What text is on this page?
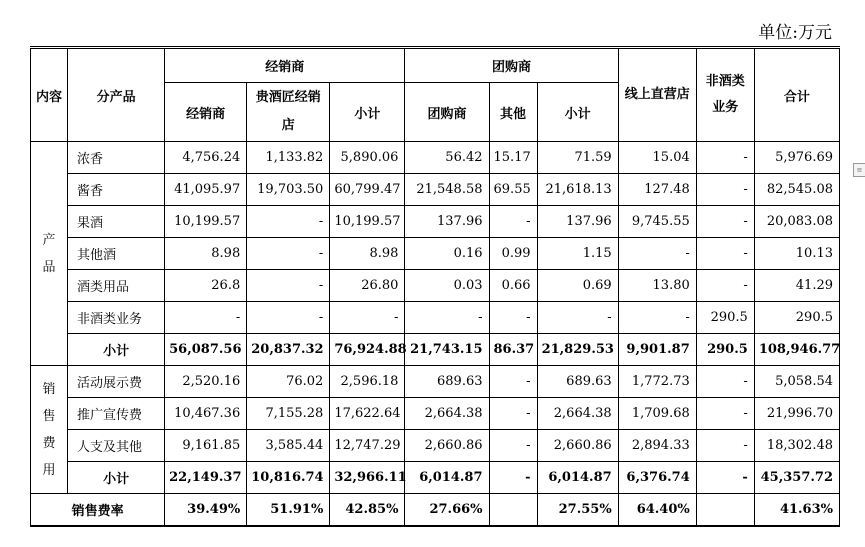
单位:万元
≡
内容	分产品	经销商			团购商			线上直营店	非酒类业务	合计
		经销商	贵酒匠经销店	小计	团购商	其他	小计			

产
品	浓香	4,756.24	1,133.82	5,890.06	56.42	15.17	71.59	15.04	-	5,976.69
	酱香	41,095.97	19,703.50	60,799.47	21,548.58	69.55	21,618.13	127.48	-	82,545.08
	果酒	10,199.57	-	10,199.57	137.96	-	137.96	9,745.55	-	20,083.08
	其他酒	8.98	-	8.98	0.16	0.99	1.15	-	-	10.13
	酒类用品	26.8	-	26.80	0.03	0.66	0.69	13.80	-	41.29
	非酒类业务	-	-	-	-	-	-	-	290.5	290.5
	小计	56,087.56	20,837.32	76,924.88	21,743.15	86.37	21,829.53	9,901.87	290.5	108,946.77

销
售
费
用	活动展示费	2,520.16	76.02	2,596.18	689.63	-	689.63	1,772.73	-	5,058.54
	推广宣传费	10,467.36	7,155.28	17,622.64	2,664.38	-	2,664.38	1,709.68	-	21,996.70
	人支及其他	9,161.85	3,585.44	12,747.29	2,660.86	-	2,660.86	2,894.33	-	18,302.48
	小计	22,149.37	10,816.74	32,966.11	6,014.87	-	6,014.87	6,376.74	-	45,357.72
销售费率		39.49%	51.91%	42.85%	27.66%		27.55%	64.40%		41.63%
